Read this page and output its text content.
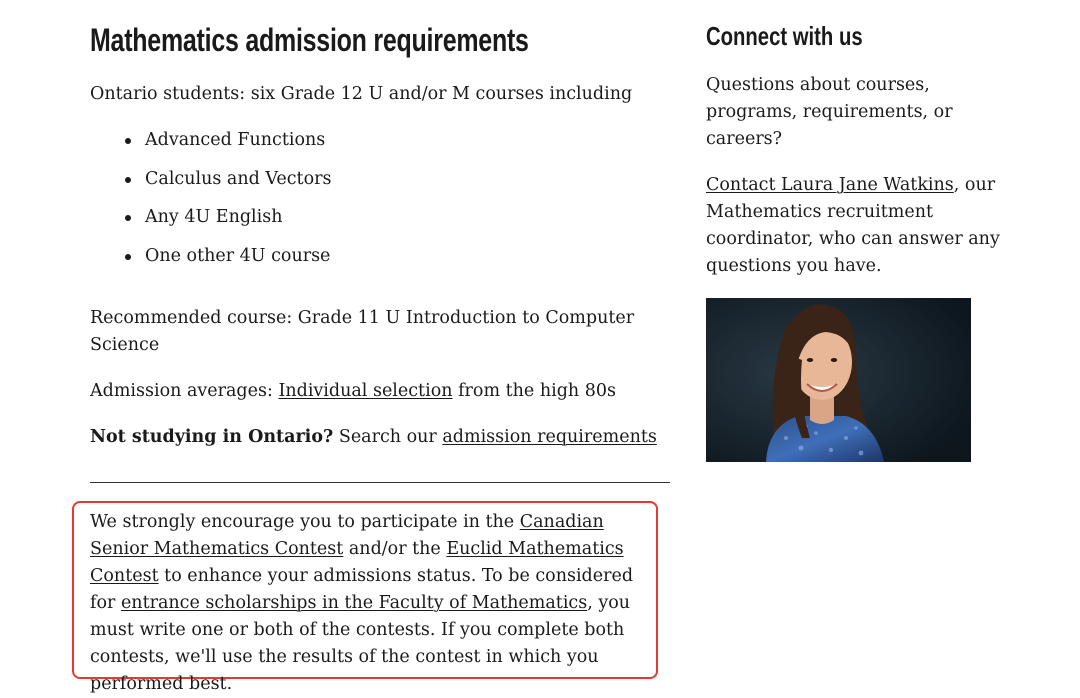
Mathematics admission requirements

Ontario students: six Grade 12 U and/or M courses including

Advanced Functions
Calculus and Vectors
Any 4U English
One other 4U course

Recommended course: Grade 11 U Introduction to Computer Science

Admission averages: Individual selection from the high 80s

Not studying in Ontario? Search our admission requirements

We strongly encourage you to participate in the Canadian Senior Mathematics Contest and/or the Euclid Mathematics Contest to enhance your admissions status. To be considered for entrance scholarships in the Faculty of Mathematics, you must write one or both of the contests. If you complete both contests, we'll use the results of the contest in which you performed best.

Connect with us

Questions about courses, programs, requirements, or careers?

Contact Laura Jane Watkins, our Mathematics recruitment coordinator, who can answer any questions you have.
